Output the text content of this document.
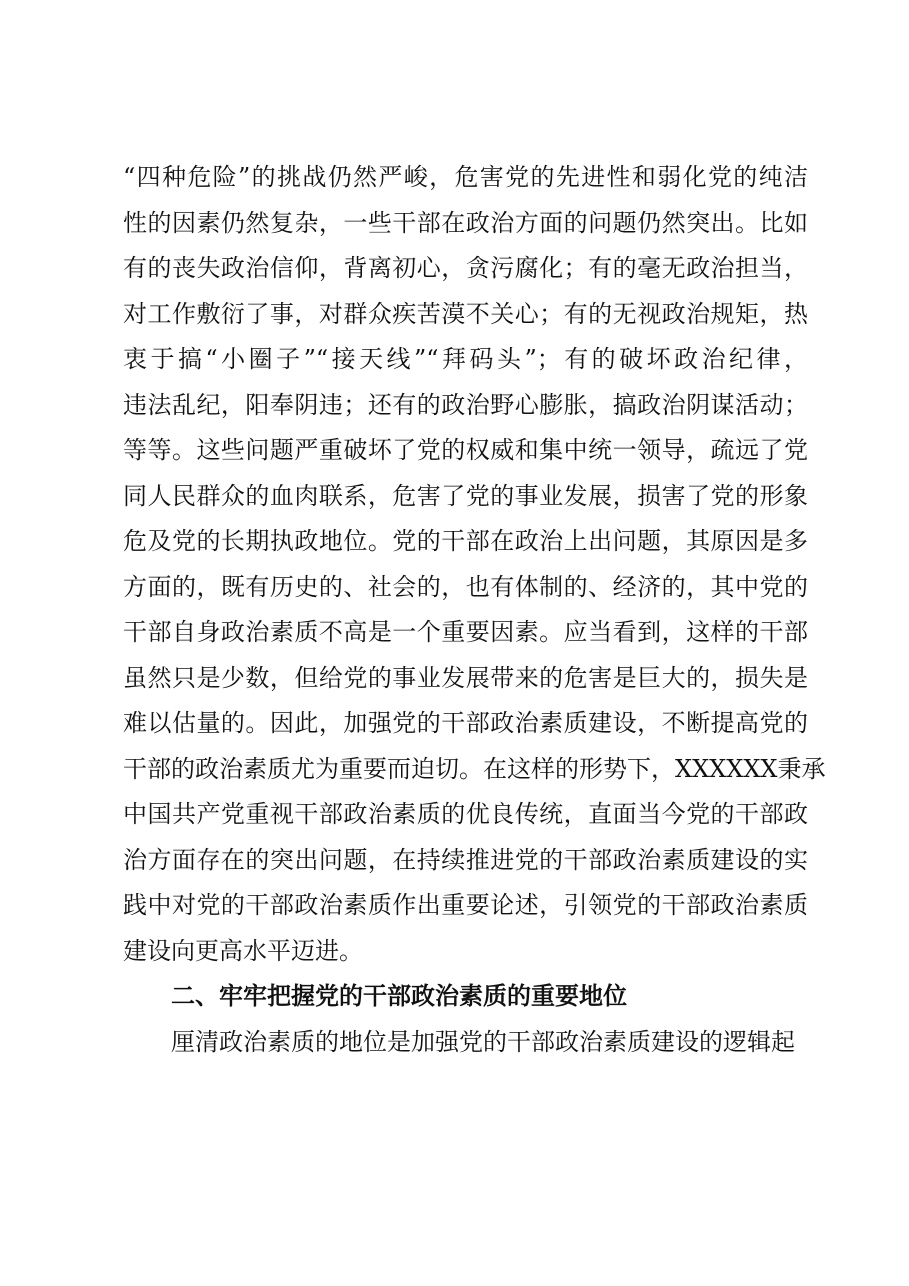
“四种危险”的挑战仍然严峻，危害党的先进性和弱化党的纯洁
性的因素仍然复杂，一些干部在政治方面的问题仍然突出。比如
有的丧失政治信仰，背离初心，贪污腐化；有的毫无政治担当，
对工作敷衍了事，对群众疾苦漠不关心；有的无视政治规矩，热
衷于搞“小圈子”“接天线”“拜码头”；有的破坏政治纪律，
违法乱纪，阳奉阴违；还有的政治野心膨胀，搞政治阴谋活动；
等等。这些问题严重破坏了党的权威和集中统一领导，疏远了党
同人民群众的血肉联系，危害了党的事业发展，损害了党的形象
危及党的长期执政地位。党的干部在政治上出问题，其原因是多
方面的，既有历史的、社会的，也有体制的、经济的，其中党的
干部自身政治素质不高是一个重要因素。应当看到，这样的干部
虽然只是少数，但给党的事业发展带来的危害是巨大的，损失是
难以估量的。因此，加强党的干部政治素质建设，不断提高党的
干部的政治素质尤为重要而迫切。在这样的形势下，XXXXXX秉承
中国共产党重视干部政治素质的优良传统，直面当今党的干部政
治方面存在的突出问题，在持续推进党的干部政治素质建设的实
践中对党的干部政治素质作出重要论述，引领党的干部政治素质
建设向更高水平迈进。
二、牢牢把握党的干部政治素质的重要地位
厘清政治素质的地位是加强党的干部政治素质建设的逻辑起
